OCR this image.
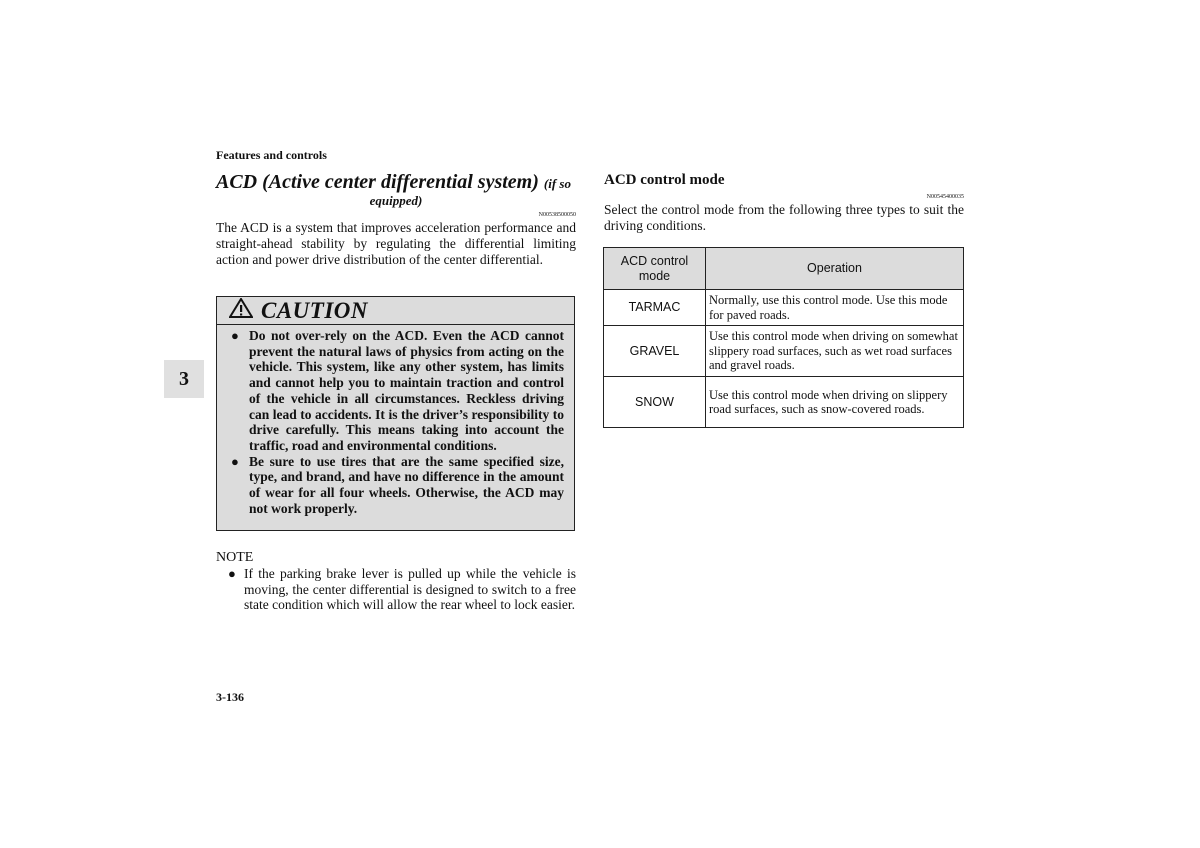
Features and controls
3
ACD (Active center differential system) (if so
equipped)
N00538500050
The ACD is a system that improves acceleration performance and straight-ahead stability by regulating the differential limiting action and power drive distribution of the center differential.
CAUTION
● Do not over-rely on the ACD. Even the ACD cannot prevent the natural laws of physics from acting on the vehicle. This system, like any other system, has limits and cannot help you to maintain traction and control of the vehicle in all circumstances. Reckless driving can lead to accidents. It is the driver’s responsibility to drive carefully. This means taking into account the traffic, road and environmental conditions.
● Be sure to use tires that are the same specified size, type, and brand, and have no difference in the amount of wear for all four wheels. Otherwise, the ACD may not work properly.
NOTE
● If the parking brake lever is pulled up while the vehicle is moving, the center differential is designed to switch to a free state condition which will allow the rear wheel to lock easier.
3-136
ACD control mode
N00545400035
Select the control mode from the following three types to suit the driving conditions.
ACD control mode	Operation
TARMAC	Normally, use this control mode. Use this mode for paved roads.
GRAVEL	Use this control mode when driving on somewhat slippery road surfaces, such as wet road surfaces and gravel roads.
SNOW	Use this control mode when driving on slippery road surfaces, such as snow-covered roads.
